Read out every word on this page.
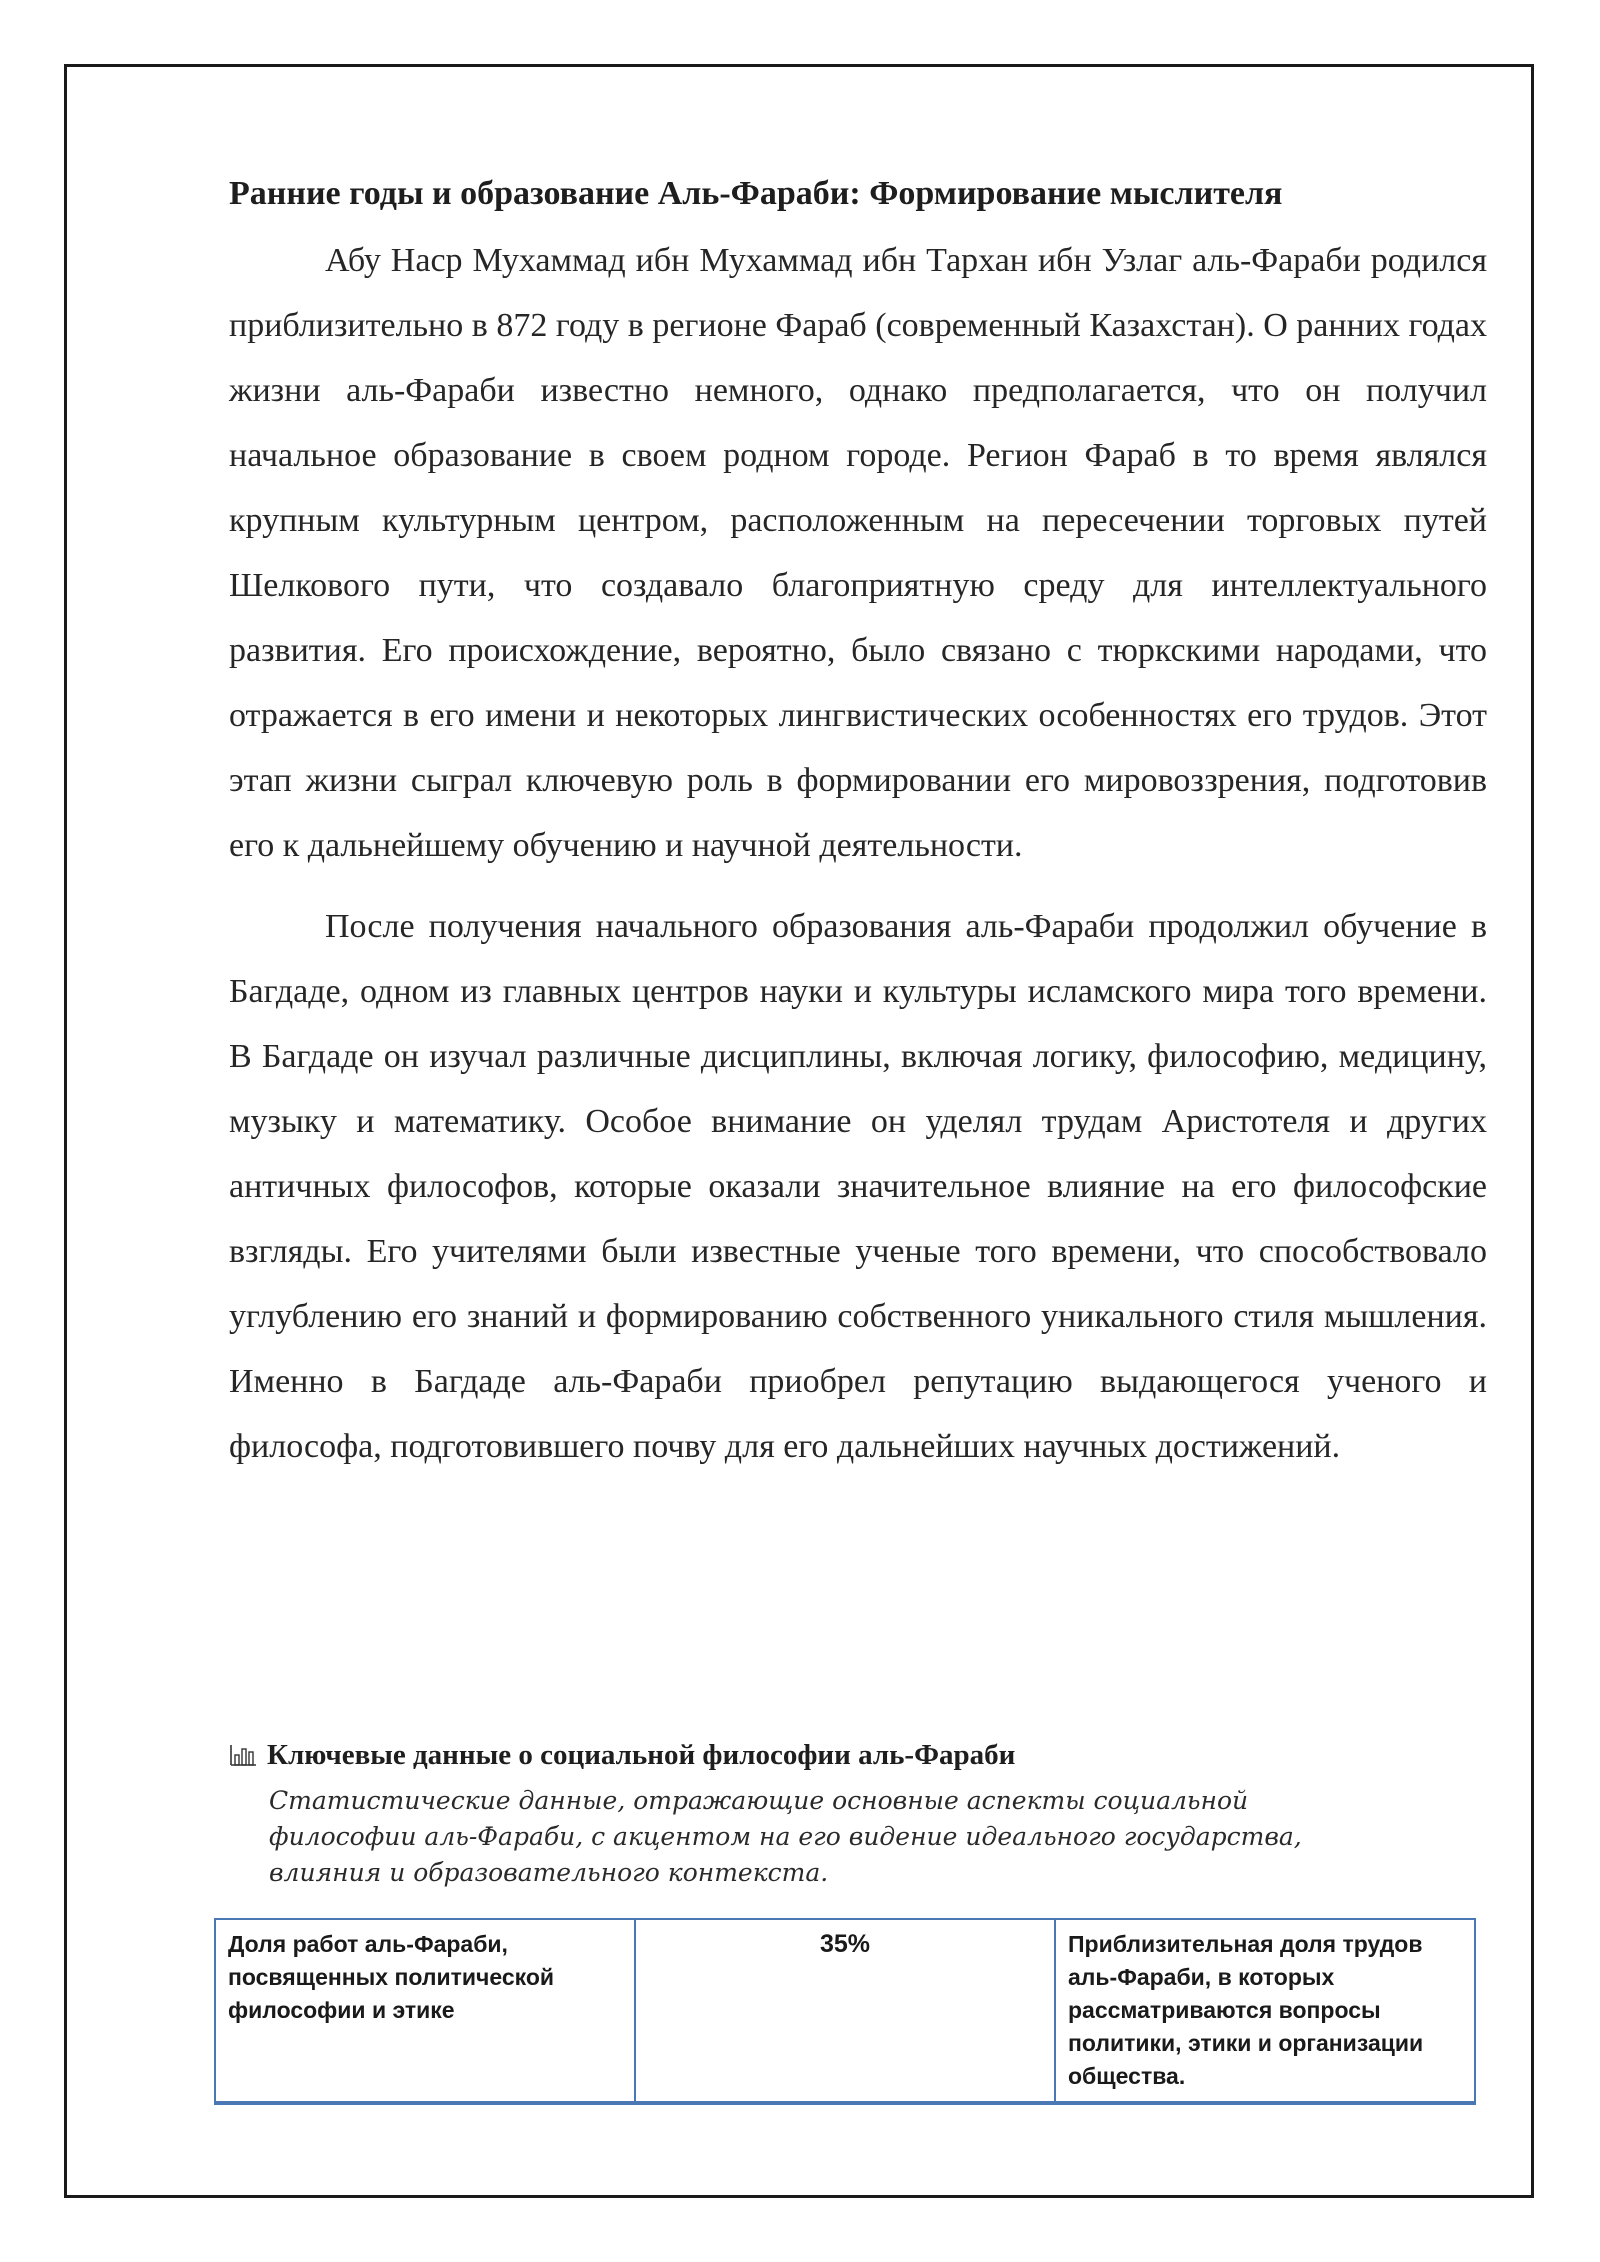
Ранние годы и образование Аль-Фараби: Формирование мыслителя

Абу Наср Мухаммад ибн Мухаммад ибн Тархан ибн Узлаг аль-Фараби родился приблизительно в 872 году в регионе Фараб (современный Казахстан). О ранних годах жизни аль-Фараби известно немного, однако предполагается, что он получил начальное образование в своем родном городе. Регион Фараб в то время являлся крупным культурным центром, расположенным на пересечении торговых путей Шелкового пути, что создавало благоприятную среду для интеллектуального развития. Его происхождение, вероятно, было связано с тюркскими народами, что отражается в его имени и некоторых лингвистических особенностях его трудов. Этот этап жизни сыграл ключевую роль в формировании его мировоззрения, подготовив его к дальнейшему обучению и научной деятельности.

После получения начального образования аль-Фараби продолжил обучение в Багдаде, одном из главных центров науки и культуры исламского мира того времени. В Багдаде он изучал различные дисциплины, включая логику, философию, медицину, музыку и математику. Особое внимание он уделял трудам Аристотеля и других античных философов, которые оказали значительное влияние на его философские взгляды. Его учителями были известные ученые того времени, что способствовало углублению его знаний и формированию собственного уникального стиля мышления. Именно в Багдаде аль-Фараби приобрел репутацию выдающегося ученого и философа, подготовившего почву для его дальнейших научных достижений.

Ключевые данные о социальной философии аль-Фараби
Статистические данные, отражающие основные аспекты социальной философии аль-Фараби, с акцентом на его видение идеального государства, влияния и образовательного контекста.
Доля работ аль-Фараби, посвященных политической философии и этике	35%	Приблизительная доля трудов аль-Фараби, в которых рассматриваются вопросы политики, этики и организации общества.
